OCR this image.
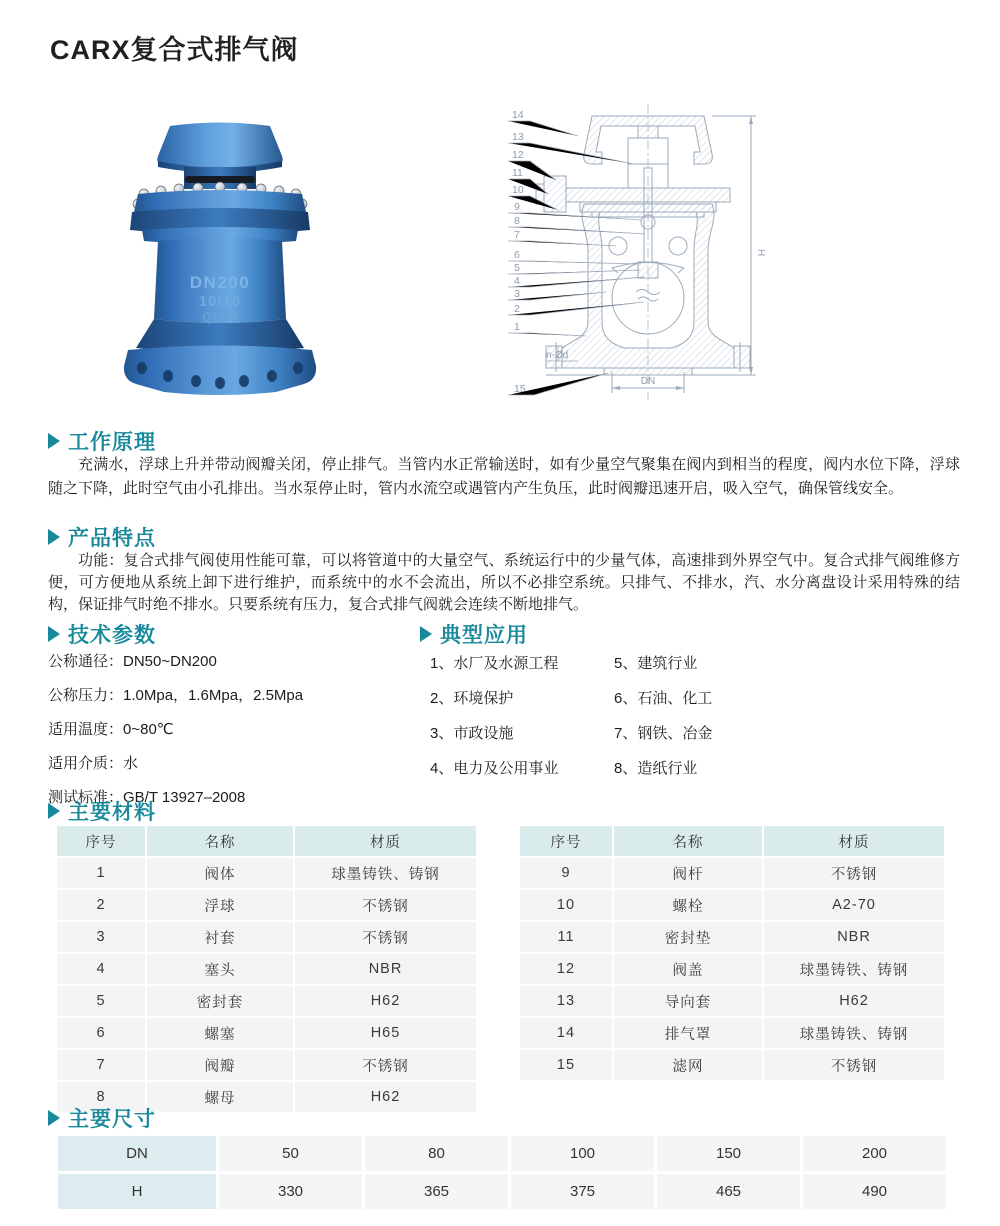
CARX复合式排气阀
DN200
10/16
QT450
14
13
12
11
10
9
8
7
6
5
4
3
2
1
15
n-Ød
DN
H
工作原理

充满水，浮球上升并带动阀瓣关闭，停止排气。当管内水正常输送时，如有少量空气聚集在阀内到相当的程度，阀内水位下降，浮球随之下降，此时空气由小孔排出。当水泵停止时，管内水流空或遇管内产生负压，此时阀瓣迅速开启，吸入空气，确保管线安全。

产品特点

功能：复合式排气阀使用性能可靠，可以将管道中的大量空气、系统运行中的少量气体，高速排到外界空气中。复合式排气阀维修方便，可方便地从系统上卸下进行维护，而系统中的水不会流出，所以不必排空系统。只排气、不排水，汽、水分离盘设计采用特殊的结构，保证排气时绝不排水。只要系统有压力，复合式排气阀就会连续不断地排气。

技术参数
公称通径：DN50~DN200
公称压力：1.0Mpa，1.6Mpa，2.5Mpa
适用温度：0~80℃
适用介质：水
测试标准：GB/T 13927–2008
典型应用
1、水厂及水源工程
2、环境保护
3、市政设施
4、电力及公用事业
5、建筑行业
6、石油、化工
7、钢铁、冶金
8、造纸行业
主要材料
序号	名称	材质
1	阀体	球墨铸铁、铸钢
2	浮球	不锈钢
3	衬套	不锈钢
4	塞头	NBR
5	密封套	H62
6	螺塞	H65
7	阀瓣	不锈钢
8	螺母	H62
序号	名称	材质
9	阀杆	不锈钢
10	螺栓	A2-70
11	密封垫	NBR
12	阀盖	球墨铸铁、铸钢
13	导向套	H62
14	排气罩	球墨铸铁、铸钢
15	滤网	不锈钢
主要尺寸
DN	50	80	100	150	200
H	330	365	375	465	490
